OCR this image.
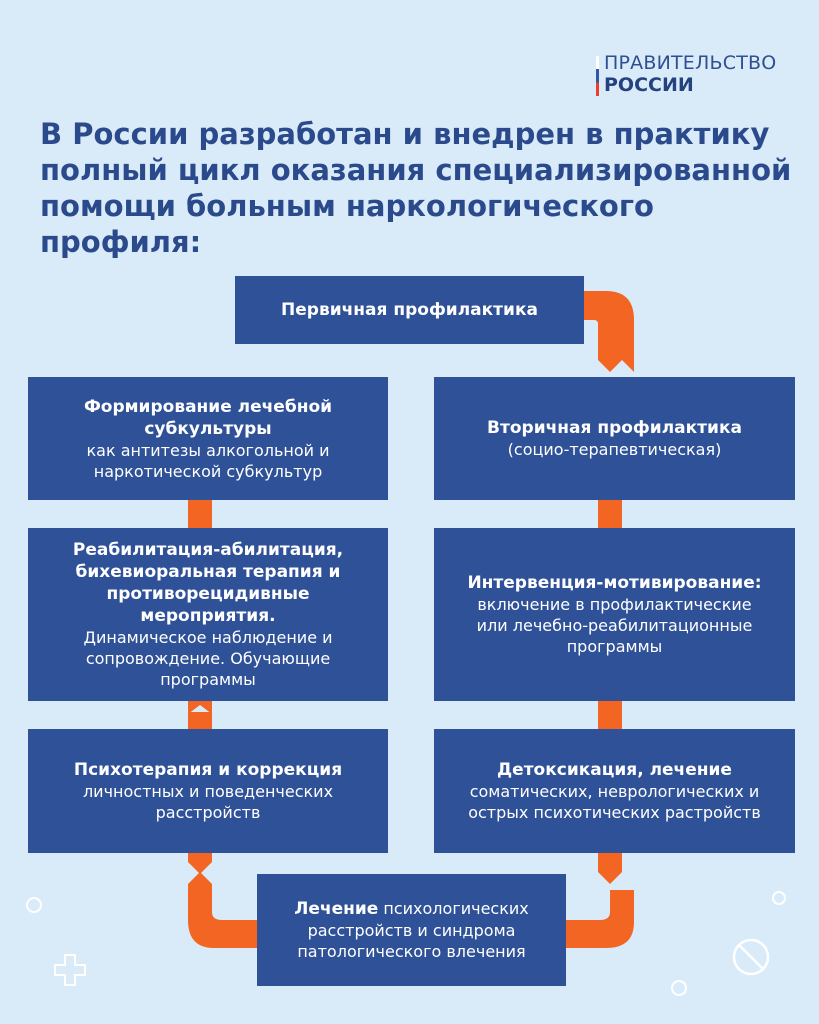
ПРАВИТЕЛЬСТВО
РОССИИ
В России разработан и внедрен в практику полный цикл оказания специализированной помощи больным наркологического профиля:
Первичная профилактика
Вторичная профилактика
(социо-терапевтическая)
Интервенция-мотивирование:
включение в профилактические или лечебно-реабилитационные программы
Детоксикация, лечение
соматических, неврологических и острых психотических растройств
Лечение психологических
расстройств и синдрома патологического влечения
Психотерапия и коррекция
личностных и поведенческих расстройств
Реабилитация-абилитация, бихевиоральная терапия и противорецидивные мероприятия.
Динамическое наблюдение и сопровождение. Обучающие программы
Формирование лечебной субкультуры
как антитезы алкогольной и наркотической субкультур
